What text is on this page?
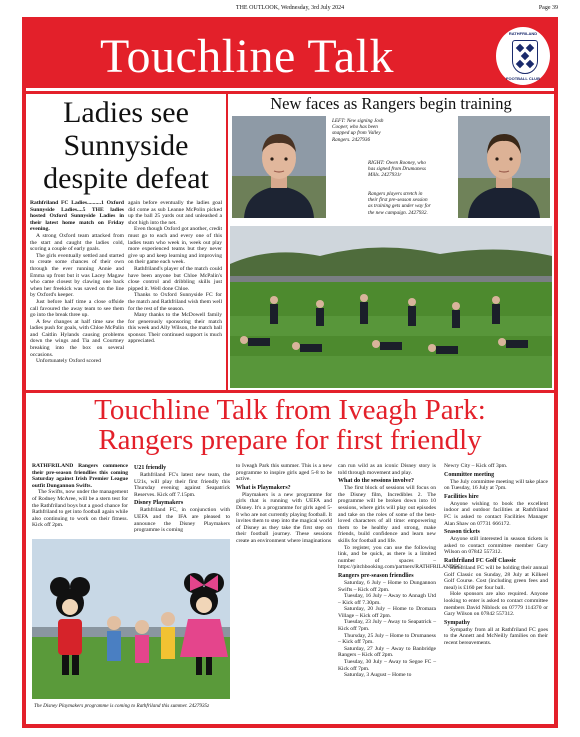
THE OUTLOOK, Wednesday, 3rd July 2024	Page 39
Touchline Talk	RATHFRILAND
FOOTBALL CLUB
Ladies see Sunnyside despite defeat

Rathfriland FC Ladies..........1 Oxford Sunnyside Ladies....5 THE ladies hosted Oxford Sunnyside Ladies in their latest home match on Friday evening.

A strong Oxford team attacked from the start and caught the ladies cold, scoring a couple of early goals.

The girls eventually settled and started to create some chances of their own through the ever running Annie and Emma up front but it was Lacey Magaw who came closest by clawing one back when her freekick was saved on the line by Oxford's keeper.

Just before half time a close offside call favoured the away team to see them go into the break three up.

A few changes at half time saw the ladies push for goals, with Chloe McPalin and Caitlin Hylands causing problems down the wings and Tia and Courtney breaking into the box on several occasions.

Unfortunately Oxford scored

again before eventually the ladies goal did come as sub Leanne McPolin picked up the ball 25 yards out and unleashed a shot high into the net.

Even though Oxford got another, credit must go to each and every one of this ladies team who week in, week out play more experienced teams but they never give up and keep learning and improving on their game each week.

Rathfriland's player of the match could have been anyone but Chloe McPalin's close control and dribbling skills just pipped it. Well done Chloe.

Thanks to Oxford Sunnyside FC for the match and Rathfriland wish them well for the rest of the season.

Many thanks to the McDowell family for generously sponsoring their match this week and Ally Wilson, the match ball sponsor. Their continued support is much appreciated.

New faces as Rangers begin training
LEFT: New signing Josh Cooper, who has been snapped up from Valley Rangers. 2427936
RIGHT: Owen Rooney, who has signed from Drumaness Mills. 2427931r
Rangers players stretch in their first pre-season session as training gets under way for the new campaign. 2427932.
Touchline Talk from Iveagh Park:
Rangers prepare for first friendly

RATHFRILAND Rangers commence their pre-season friendlies this coming Saturday against Irish Premier League outfit Dungannon Swifts.

The Swifts, now under the management of Rodney McAree, will be a stern test for the Rathfriland boys but a good chance for Rathfriland to get into football again while also continuing to work on their fitness. Kick off 2pm.

U21 friendly

Rathfriland FC's latest new team, the U21s, will play their first friendly this Thursday evening against Seapatrick Reserves. Kick off 7.15pm.

Disney Playmakers

Rathfriland FC, in conjunction with UEFA and the IFA are pleased to announce the Disney Playmakers programme is coming

to Iveagh Park this summer. This is a new programme to inspire girls aged 5-8 to be active.

What is Playmakers?

Playmakers is a new programme for girls that is running with UEFA and Disney. It's a programme for girls aged 5-8 who are not currently playing football. It invites them to step into the magical world of Disney as they take the first step on their football journey. These sessions create an environment where imaginations

can run wild as an iconic Disney story is told through movement and play.

What do the sessions involve?

The first block of sessions will focus on the Disney film, Incredibles 2. The programme will be broken down into 10 sessions, where girls will play out episodes and take on the roles of some of the best-loved characters of all time: empowering them to be healthy and strong, make friends, build confidence and learn new skills for football and life.

To register, you can use the following link, and be quick, as there is a limited number of spaces – https://pitchbooking.com/partners/RATHFRILANDFC

Rangers pre-season friendlies

Saturday, 6 July – Home to Dungannon Swifts – Kick off 2pm.

Tuesday, 16 July – Away to Annagh Utd – Kick off 7.30pm.

Saturday, 20 July – Home to Dromara Village – Kick off 2pm.

Tuesday, 23 July – Away to Seapatrick – Kick off 7pm.

Thursday, 25 July – Home to Drumaness – Kick off 7pm.

Saturday, 27 July – Away to Banbridge Rangers – Kick off 2pm.

Tuesday, 30 July – Away to Segoe FC – Kick off 7pm.

Saturday, 3 August – Home to

Newry City – Kick off 3pm.

Committee meeting

The July committee meeting will take place on Tuesday, 16 July at 7pm.

Facilities hire

Anyone wishing to book the excellent indoor and outdoor facilities at Rathfriland FC is asked to contact Facilities Manager Alan Shaw on 07731 666172.

Season tickets

Anyone still interested in season tickets is asked to contact committee member Gary Wilson on 07842 557312.

Rathfriland FC Golf Classic

Rathfriland FC will be holding their annual Golf Classic on Sunday, 28 July at Kilkeel Golf Course. Cost (including green fees and meal) is £160 per four ball.

Hole sponsors are also required. Anyone looking to enter is asked to contact committee members David Niblock on 07779 114370 or Gary Wilson on 07842 557312.

Sympathy

Sympathy from all at Rathfriland FC goes to the Annett and McNeilly families on their recent bereavements.

The Disney Playmakers programme is coming to Rathfriland this summer. 2427935z
